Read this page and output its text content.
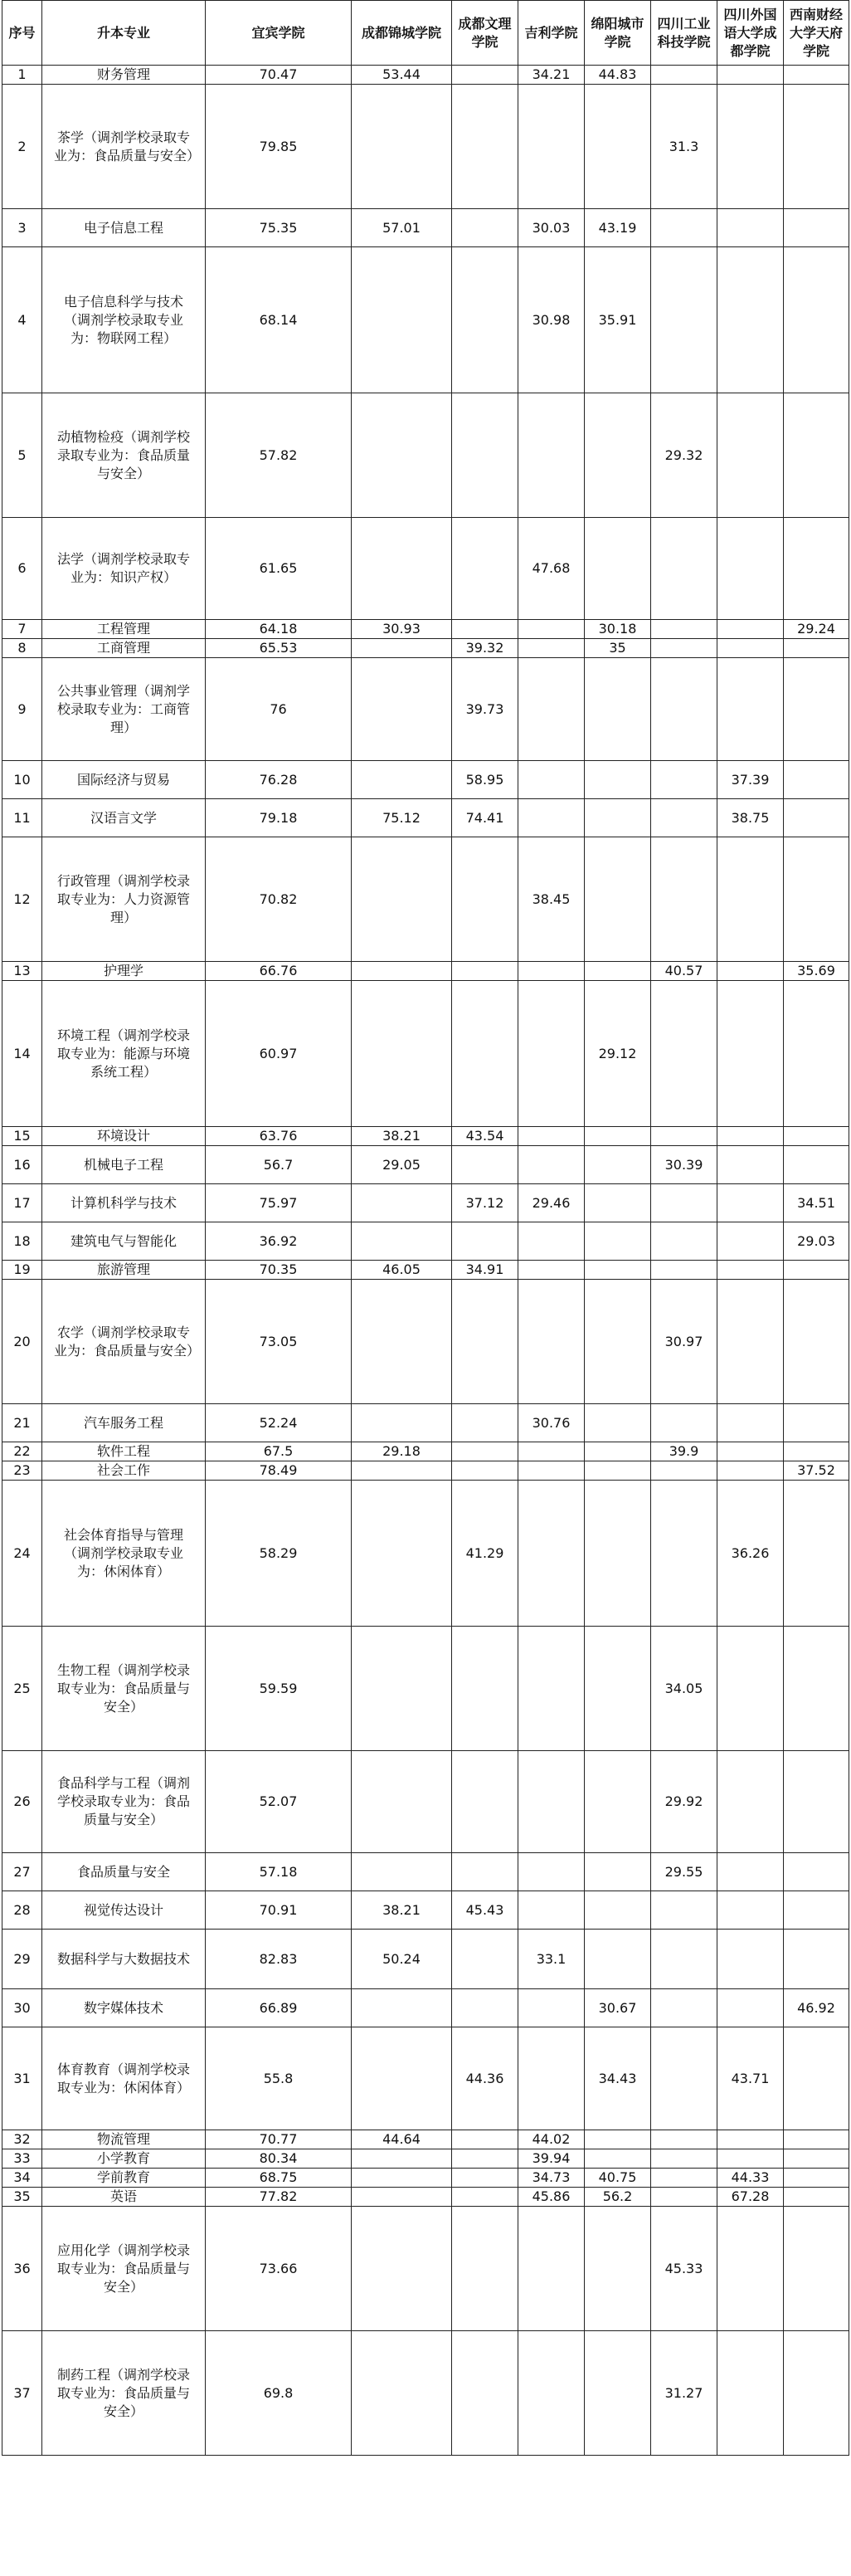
序号	升本专业	宜宾学院	成都锦城学院	成都文理学院	吉利学院	绵阳城市学院	四川工业科技学院	四川外国语大学成都学院	西南财经大学天府学院
1	财务管理	70.47	53.44		34.21	44.83			
2	茶学（调剂学校录取专业为：食品质量与安全）	79.85					31.3		
3	电子信息工程	75.35	57.01		30.03	43.19			
4	电子信息科学与技术（调剂学校录取专业为：物联网工程）	68.14			30.98	35.91			
5	动植物检疫（调剂学校录取专业为：食品质量与安全）	57.82					29.32		
6	法学（调剂学校录取专业为：知识产权）	61.65			47.68				
7	工程管理	64.18	30.93			30.18			29.24
8	工商管理	65.53		39.32		35			
9	公共事业管理（调剂学校录取专业为：工商管理）	76		39.73					
10	国际经济与贸易	76.28		58.95				37.39	
11	汉语言文学	79.18	75.12	74.41				38.75	
12	行政管理（调剂学校录取专业为：人力资源管理）	70.82			38.45				
13	护理学	66.76					40.57		35.69
14	环境工程（调剂学校录取专业为：能源与环境系统工程）	60.97				29.12			
15	环境设计	63.76	38.21	43.54					
16	机械电子工程	56.7	29.05				30.39		
17	计算机科学与技术	75.97		37.12	29.46				34.51
18	建筑电气与智能化	36.92							29.03
19	旅游管理	70.35	46.05	34.91					
20	农学（调剂学校录取专业为：食品质量与安全）	73.05					30.97		
21	汽车服务工程	52.24			30.76				
22	软件工程	67.5	29.18				39.9		
23	社会工作	78.49							37.52
24	社会体育指导与管理（调剂学校录取专业为：休闲体育）	58.29		41.29				36.26	
25	生物工程（调剂学校录取专业为：食品质量与安全）	59.59					34.05		
26	食品科学与工程（调剂学校录取专业为：食品质量与安全）	52.07					29.92		
27	食品质量与安全	57.18					29.55		
28	视觉传达设计	70.91	38.21	45.43					
29	数据科学与大数据技术	82.83	50.24		33.1				
30	数字媒体技术	66.89				30.67			46.92
31	体育教育（调剂学校录取专业为：休闲体育）	55.8		44.36		34.43		43.71	
32	物流管理	70.77	44.64		44.02				
33	小学教育	80.34			39.94				
34	学前教育	68.75			34.73	40.75		44.33	
35	英语	77.82			45.86	56.2		67.28	
36	应用化学（调剂学校录取专业为：食品质量与安全）	73.66					45.33		
37	制药工程（调剂学校录取专业为：食品质量与安全）	69.8					31.27		
